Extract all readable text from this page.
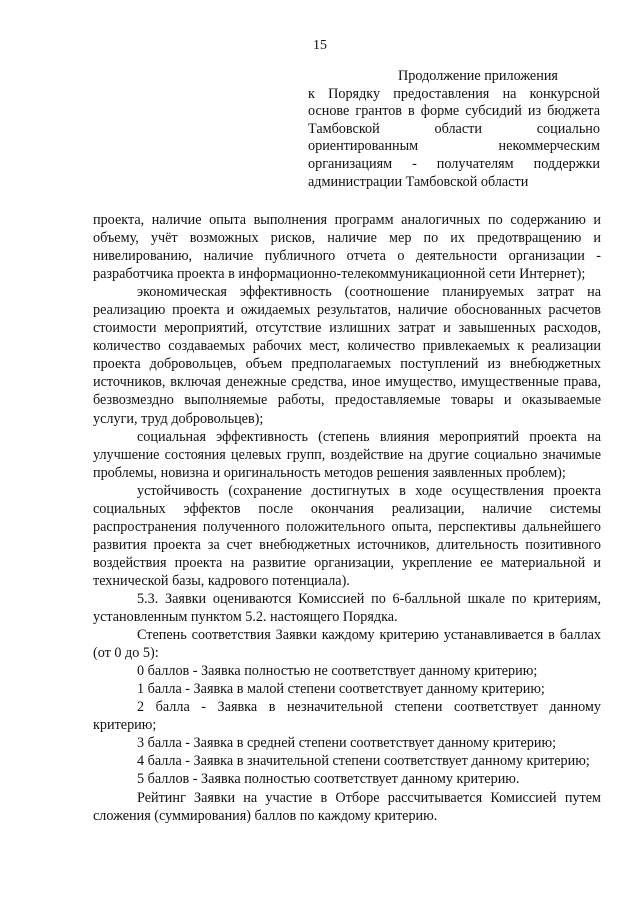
15
Продолжение приложения
к Порядку предоставления на конкурсной основе грантов в форме субсидий из бюджета Тамбовской области социально ориентированным некоммерческим организациям - получателям поддержки администрации Тамбовской области

проекта, наличие опыта выполнения программ аналогичных по содержанию и объему, учёт возможных рисков, наличие мер по их предотвращению и нивелированию, наличие публичного отчета о деятельности организации - разработчика проекта в информационно-телекоммуникационной сети Интернет);

экономическая эффективность (соотношение планируемых затрат на реализацию проекта и ожидаемых результатов, наличие обоснованных расчетов стоимости мероприятий, отсутствие излишних затрат и завышенных расходов, количество создаваемых рабочих мест, количество привлекаемых к реализации проекта добровольцев, объем предполагаемых поступлений из внебюджетных источников, включая денежные средства, иное имущество, имущественные права, безвозмездно выполняемые работы, предоставляемые товары и оказываемые услуги, труд добровольцев);

социальная эффективность (степень влияния мероприятий проекта на улучшение состояния целевых групп, воздействие на другие социально значимые проблемы, новизна и оригинальность методов решения заявленных проблем);

устойчивость (сохранение достигнутых в ходе осуществления проекта социальных эффектов после окончания реализации, наличие системы распространения полученного положительного опыта, перспективы дальнейшего развития проекта за счет внебюджетных источников, длительность позитивного воздействия проекта на развитие организации, укрепление ее материальной и технической базы, кадрового потенциала).

5.3. Заявки оцениваются Комиссией по 6-балльной шкале по критериям, установленным пунктом 5.2. настоящего Порядка.

Степень соответствия Заявки каждому критерию устанавливается в баллах (от 0 до 5):

0 баллов - Заявка полностью не соответствует данному критерию;

1 балла - Заявка в малой степени соответствует данному критерию;

2 балла - Заявка в незначительной степени соответствует данному критерию;

3 балла - Заявка в средней степени соответствует данному критерию;

4 балла - Заявка в значительной степени соответствует данному критерию;

5 баллов - Заявка полностью соответствует данному критерию.

Рейтинг Заявки на участие в Отборе рассчитывается Комиссией путем сложения (суммирования) баллов по каждому критерию.
